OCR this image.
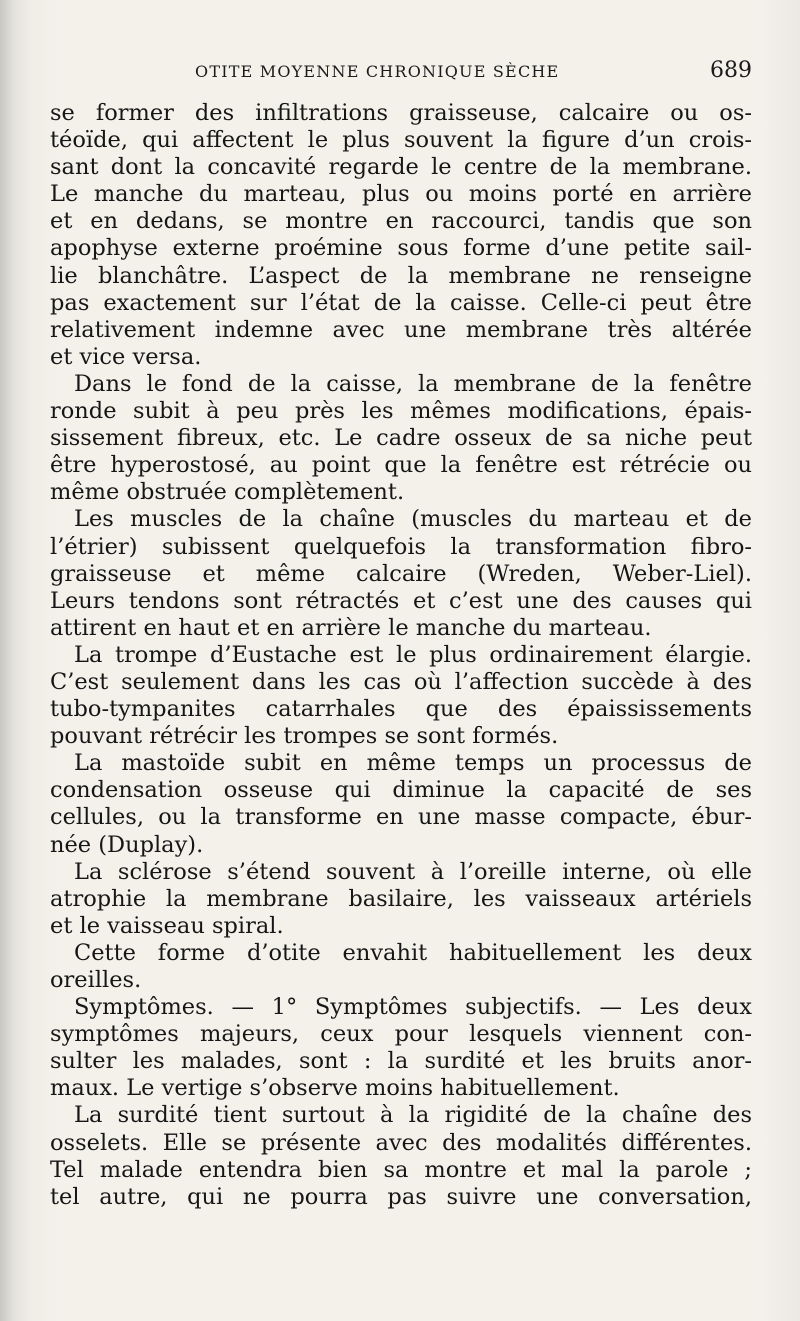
OTITE MOYENNE CHRONIQUE SÈCHE	689
se former des infiltrations graisseuse, calcaire ou os-
téoïde, qui affectent le plus souvent la figure d’un crois-
sant dont la concavité regarde le centre de la membrane.
Le manche du marteau, plus ou moins porté en arrière
et en dedans, se montre en raccourci, tandis que son
apophyse externe proémine sous forme d’une petite sail-
lie blanchâtre. L’aspect de la membrane ne renseigne
pas exactement sur l’état de la caisse. Celle-ci peut être
relativement indemne avec une membrane très altérée
et vice versa.
Dans le fond de la caisse, la membrane de la fenêtre
ronde subit à peu près les mêmes modifications, épais-
sissement fibreux, etc. Le cadre osseux de sa niche peut
être hyperostosé, au point que la fenêtre est rétrécie ou
même obstruée complètement.
Les muscles de la chaîne (muscles du marteau et de
l’étrier) subissent quelquefois la transformation fibro-
graisseuse et même calcaire (Wreden, Weber-Liel).
Leurs tendons sont rétractés et c’est une des causes qui
attirent en haut et en arrière le manche du marteau.
La trompe d’Eustache est le plus ordinairement élargie.
C’est seulement dans les cas où l’affection succède à des
tubo-tympanites catarrhales que des épaississements
pouvant rétrécir les trompes se sont formés.
La mastoïde subit en même temps un processus de
condensation osseuse qui diminue la capacité de ses
cellules, ou la transforme en une masse compacte, ébur-
née (Duplay).
La sclérose s’étend souvent à l’oreille interne, où elle
atrophie la membrane basilaire, les vaisseaux artériels
et le vaisseau spiral.
Cette forme d’otite envahit habituellement les deux
oreilles.
Symptômes. — 1° Symptômes subjectifs. — Les deux
symptômes majeurs, ceux pour lesquels viennent con-
sulter les malades, sont : la surdité et les bruits anor-
maux. Le vertige s’observe moins habituellement.
La surdité tient surtout à la rigidité de la chaîne des
osselets. Elle se présente avec des modalités différentes.
Tel malade entendra bien sa montre et mal la parole ;
tel autre, qui ne pourra pas suivre une conversation,
